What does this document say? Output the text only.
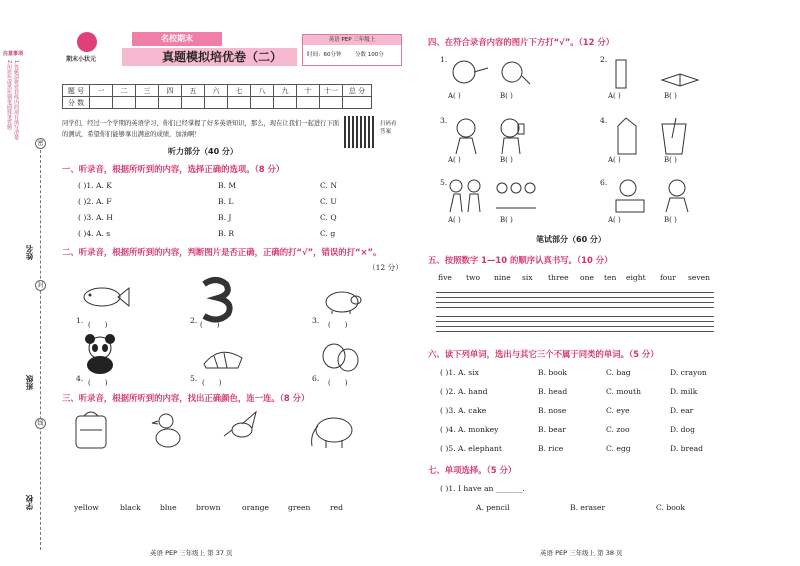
注意事项
1.答题前将密封线内的项目填写清楚 2.用蓝色或黑色钢笔圆珠笔答题
姓名
班级
学校
密
封
线
期末小状元
名校期末
真题模拟培优卷（二）
英语 PEP 三年级上
时间：60分钟 分数 100分
题 号	一	二	三	四	五	六	七	八	九	十	十一	总 分
分 数												
同学们，经过一个学期的英语学习，你们已经掌握了好多英语知识，那么，现在让我们一起进行下面的测试，希望你们能够拿出满意的成绩，加油啊！
扫码看答案
听力部分（40 分）
一、听录音，根据所听到的内容，选择正确的选项。（8 分）
( )1. A. K	B. M	C. N
( )2. A. F	B. L	C. U
( )3. A. H	B. J	C. Q
( )4. A. s	B. R	C. g
二、听录音，根据所听到的内容，判断图片是否正确，正确的打“√”，错误的打“×”。
（12 分）
1. (　　)	2. (　　)	3. (　　)
4. (　　)	5. (　　)	6. (　　)
三、听录音，根据所听到的内容，找出正确颜色，连一连。（8 分）
yellow	black	blue	brown	orange	green	red
英语 PEP 三年级上 第 37 页
四、在符合录音内容的图片下方打“√”。（12 分）
1.
A( )	B( )
2.
A( )	B( )
3.
A( )	B( )
4.
A( )	B( )
5.
A( )	B( )
6.
A( )	B( )
笔试部分（60 分）
五、按照数字 1—10 的顺序认真书写。（10 分）
five two nine six three one ten eight four seven
六、读下列单词，选出与其它三个不属于同类的单词。（5 分）
( )1. A. six	B. book	C. bag	D. crayon
( )2. A. hand	B. head	C. mouth	D. milk
( )3. A. cake	B. nose	C. eye	D. ear
( )4. A. monkey	B. bear	C. zoo	D. dog
( )5. A. elephant	B. rice	C. egg	D. bread
七、单项选择。（5 分）
( )1. I have an _______.
A. pencil	B. eraser	C. book
英语 PEP 三年级上 第 38 页
